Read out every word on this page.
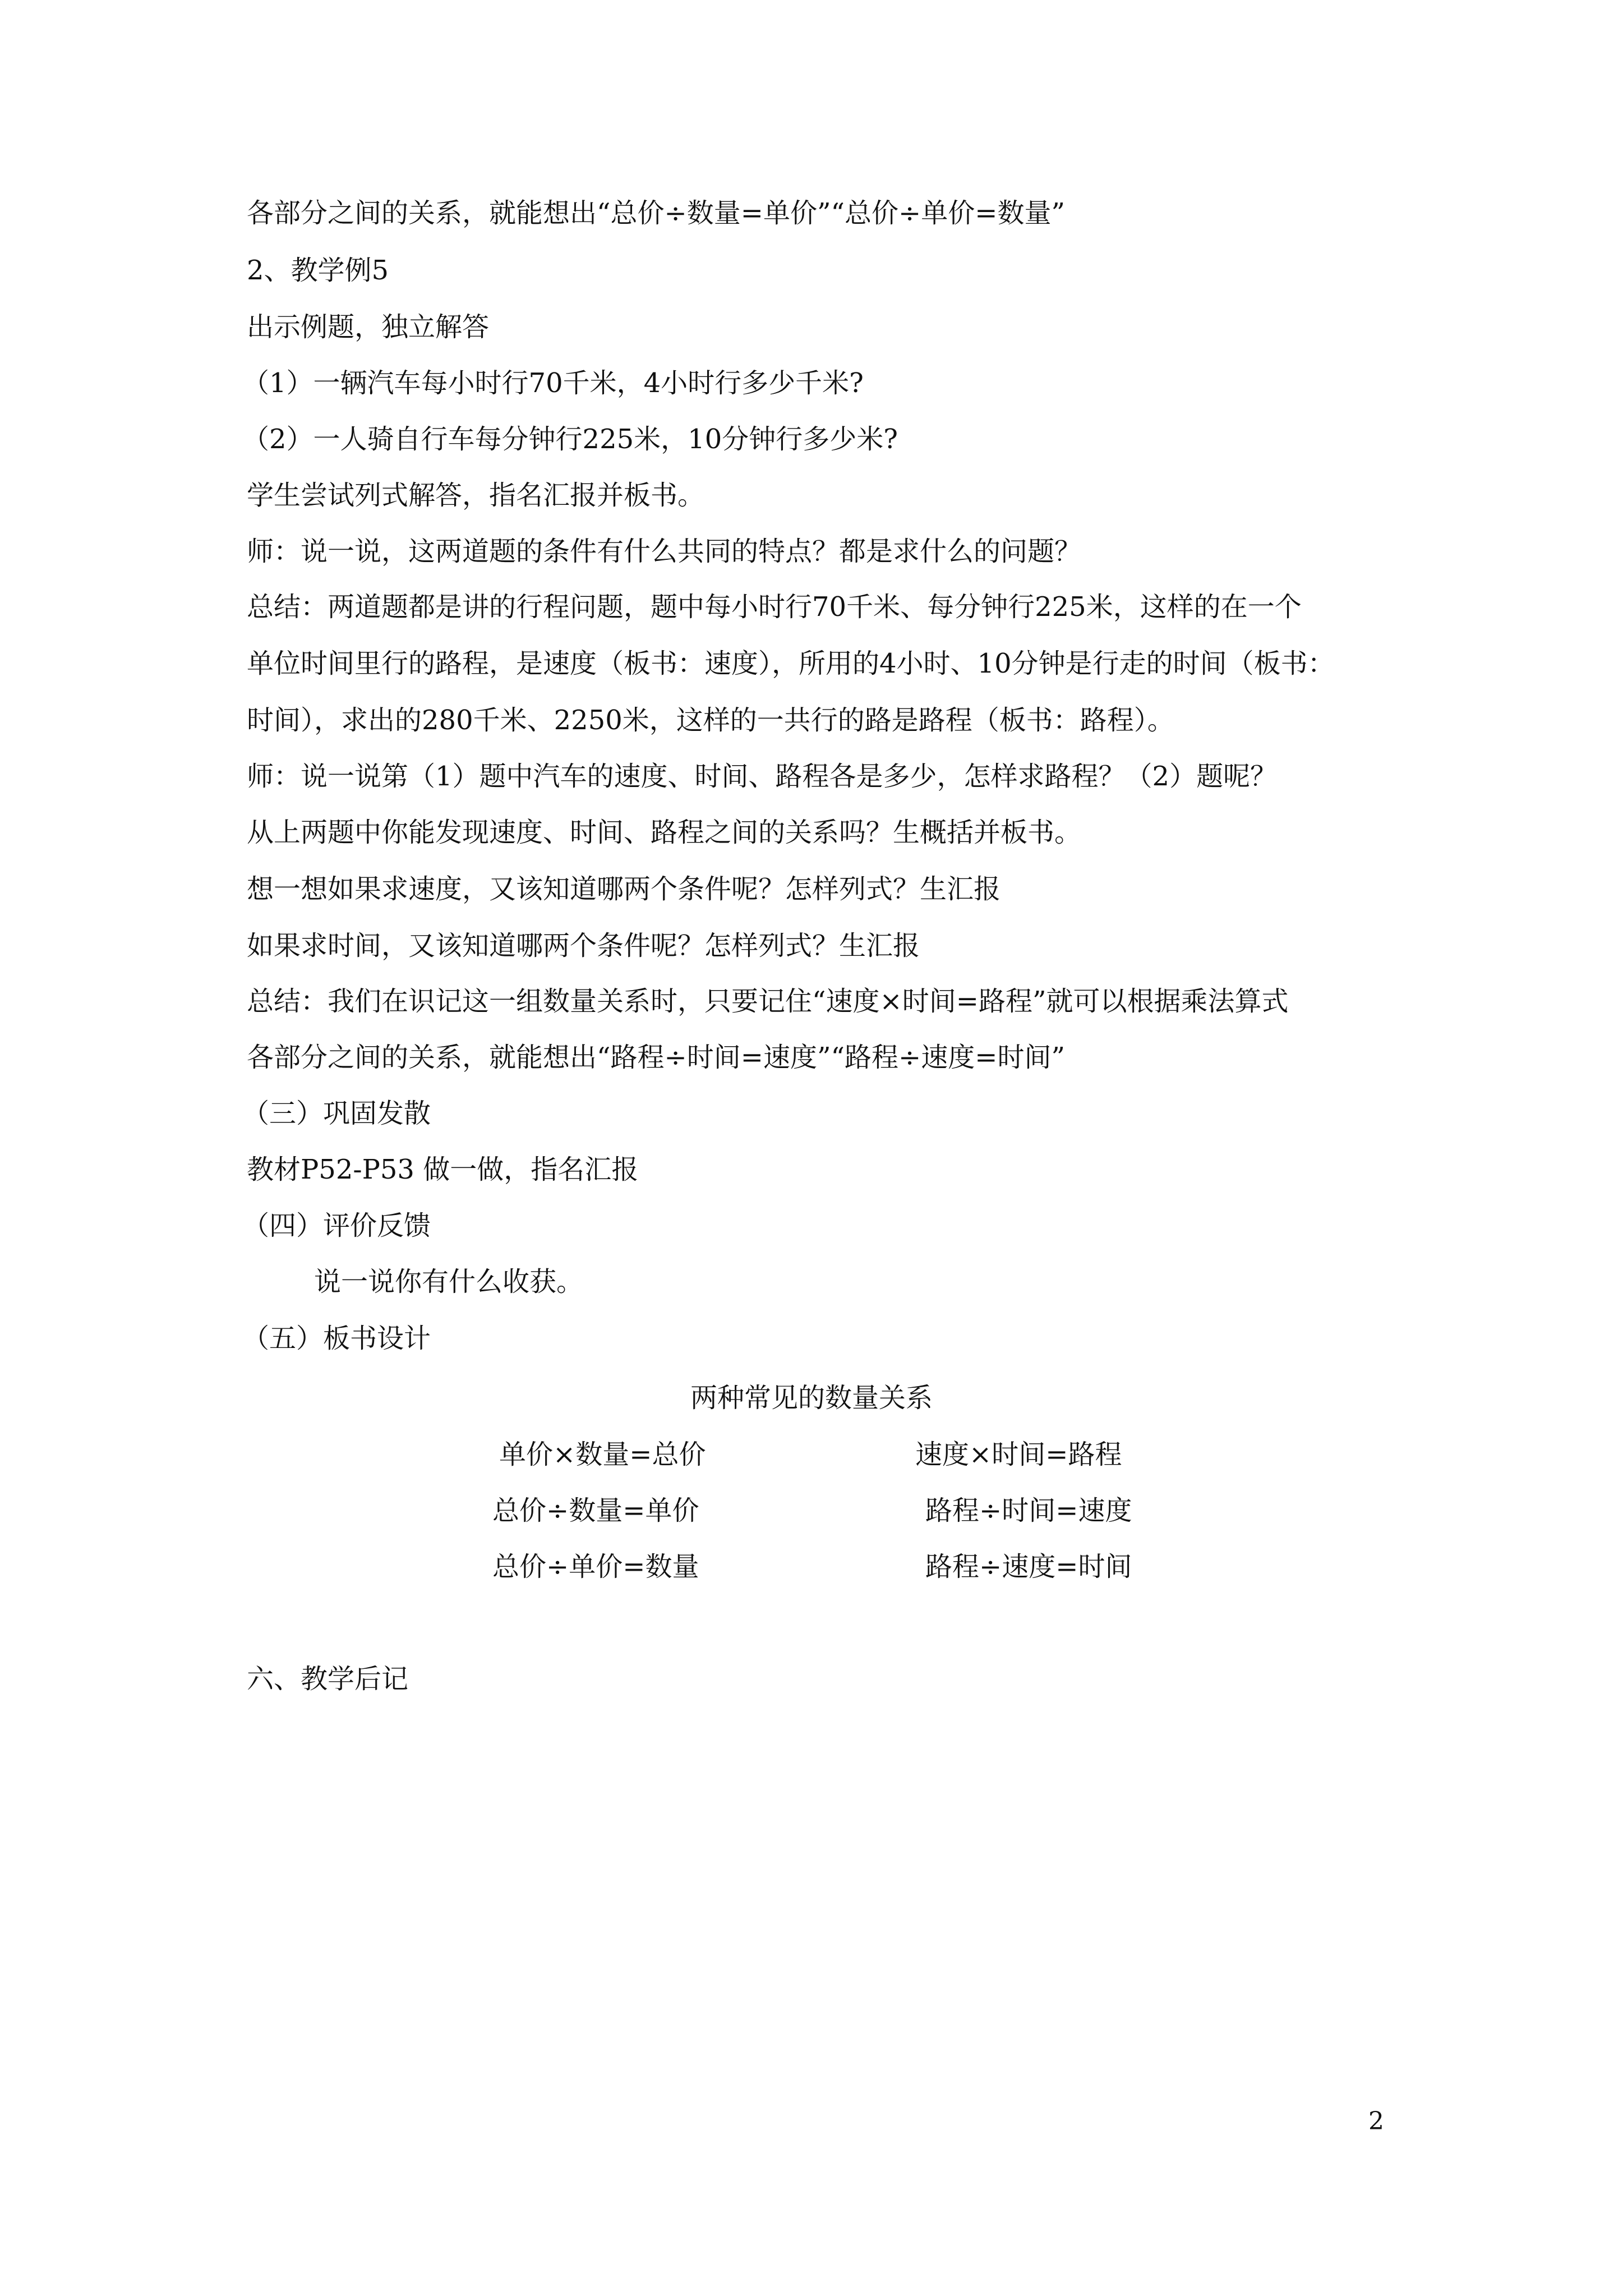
各部分之间的关系，就能想出“总价÷数量=单价”“总价÷单价=数量”
2、教学例5
出示例题，独立解答
（1）一辆汽车每小时行70千米，4小时行多少千米?
（2）一人骑自行车每分钟行225米，10分钟行多少米?
学生尝试列式解答，指名汇报并板书。
师：说一说，这两道题的条件有什么共同的特点？都是求什么的问题？
总结：两道题都是讲的行程问题，题中每小时行70千米、每分钟行225米，这样的在一个
单位时间里行的路程，是速度（板书：速度），所用的4小时、10分钟是行走的时间（板书：
时间），求出的280千米、2250米，这样的一共行的路是路程（板书：路程）。
师：说一说第（1）题中汽车的速度、时间、路程各是多少，怎样求路程？（2）题呢？
从上两题中你能发现速度、时间、路程之间的关系吗？生概括并板书。
想一想如果求速度，又该知道哪两个条件呢？怎样列式？生汇报
如果求时间，又该知道哪两个条件呢？怎样列式？生汇报
总结：我们在识记这一组数量关系时，只要记住“速度×时间=路程”就可以根据乘法算式
各部分之间的关系，就能想出“路程÷时间=速度”“路程÷速度=时间”
（三）巩固发散
教材P52-P53 做一做，指名汇报
（四）评价反馈
说一说你有什么收获。
（五）板书设计
两种常见的数量关系
单价×数量=总价
总价÷数量=单价
总价÷单价=数量
速度×时间=路程
路程÷时间=速度
路程÷速度=时间
六、教学后记
2
